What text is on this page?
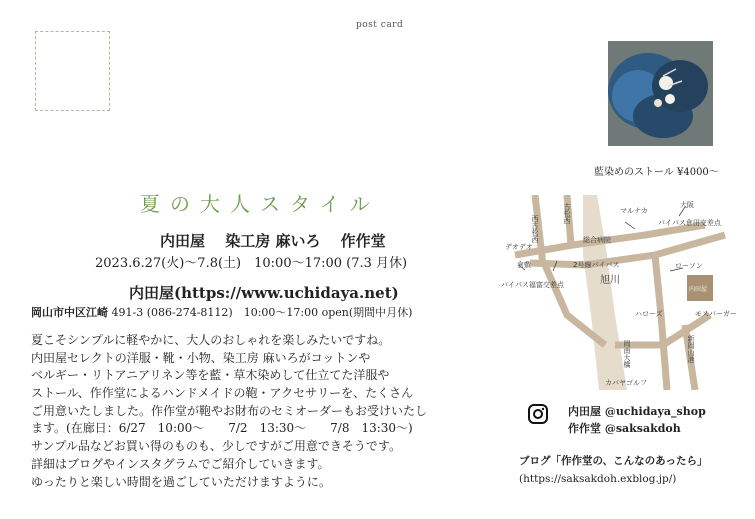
post card
藍染めのストール ¥4000～
夏の大人スタイル
内田屋　 染工房 麻いろ　 作作堂
2023.6.27(火)～7.8(土)　10:00～17:00 (7.3 月休)
内田屋(https://www.uchidaya.net)
岡山市中区江崎 491-3 (086-274-8112)　10:00～17:00 open(期間中月休)
夏こそシンプルに軽やかに、大人のおしゃれを楽しみたいですね。
内田屋セレクトの洋服・靴・小物、染工房 麻いろがコットンや
ベルギー・リトアニアリネン等を藍・草木染めして仕立てた洋服や
ストール、作作堂によるハンドメイドの鞄・アクセサリーを、たくさん
ご用意いたしました。作作堂が鞄やお財布のセミオーダーもお受けいたし
ます。(在廊日：6/27　10:00～　　7/2　13:30～　　7/8　13:30～)
サンプル品などお買い得のものも、少しですがご用意できそうです。
詳細はブログやインスタグラムでご紹介していきます。
ゆったりと楽しい時間を過ごしていただけますように。
西古松西
古松西	マルナカ
大阪
バイパス倉田交差点
デオデオ
総合病院
倉敷	2号線バイパス	ローソン
バイパス福富交差点	旭川
内田屋
モスバーガー
ハローズ
岡南大橋	新岡山港
カバヤゴルフ
内田屋 @uchidaya_shop
作作堂 @saksakdoh
ブログ「作作堂の、こんなのあったら」
(https://saksakdoh.exblog.jp/)
